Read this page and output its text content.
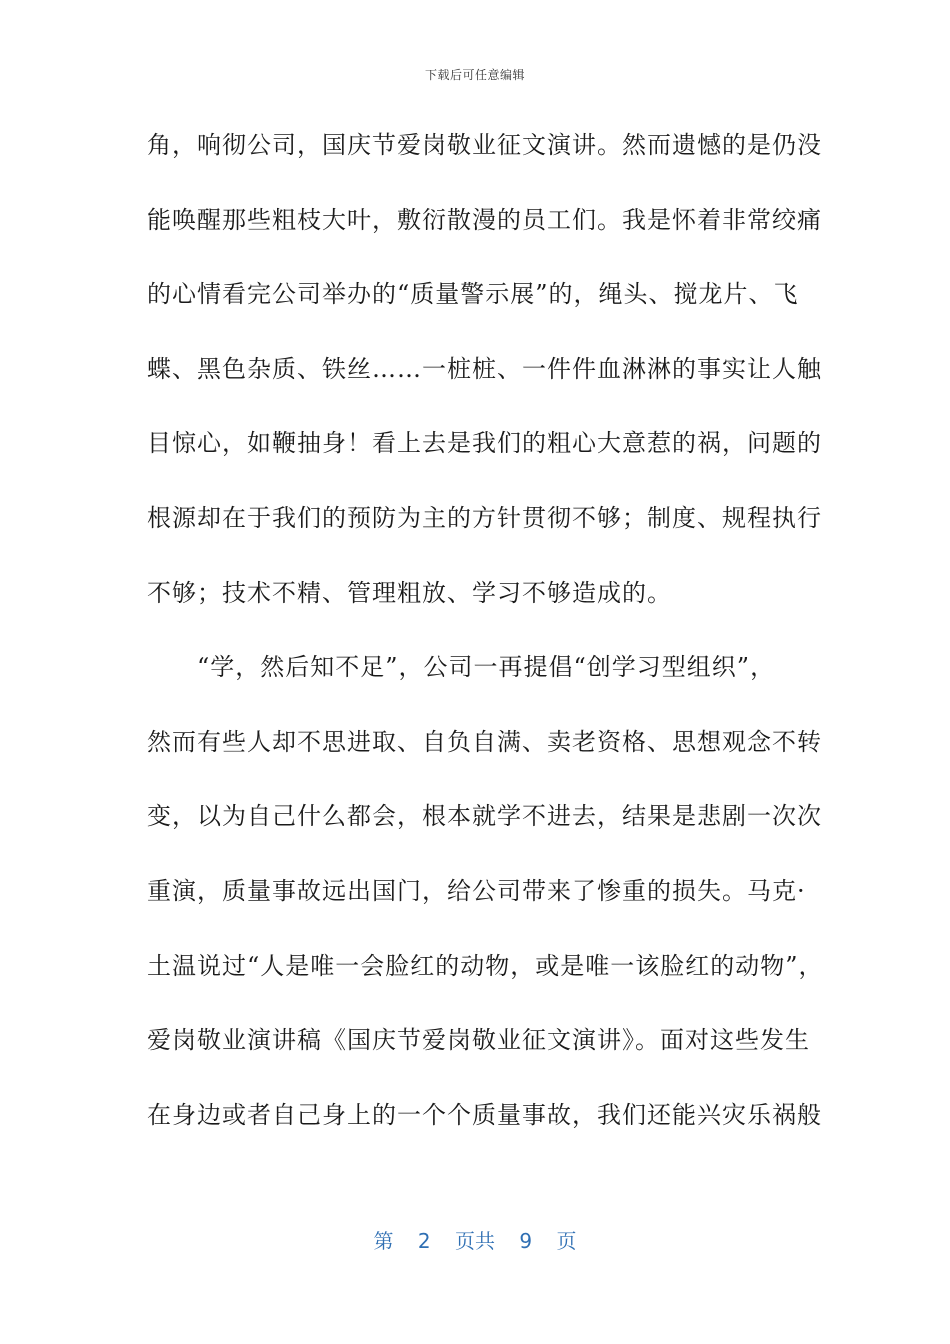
下载后可任意编辑
角，响彻公司，国庆节爱岗敬业征文演讲。然而遗憾的是仍没
能唤醒那些粗枝大叶，敷衍散漫的员工们。我是怀着非常绞痛
的心情看完公司举办的“质量警示展”的，绳头、搅龙片、飞
蝶、黑色杂质、铁丝……一桩桩、一件件血淋淋的事实让人触
目惊心，如鞭抽身！看上去是我们的粗心大意惹的祸，问题的
根源却在于我们的预防为主的方针贯彻不够；制度、规程执行
不够；技术不精、管理粗放、学习不够造成的。
“学，然后知不足”，公司一再提倡“创学习型组织”，
然而有些人却不思进取、自负自满、卖老资格、思想观念不转
变，以为自己什么都会，根本就学不进去，结果是悲剧一次次
重演，质量事故远出国门，给公司带来了惨重的损失。马克·
土温说过“人是唯一会脸红的动物，或是唯一该脸红的动物”，
爱岗敬业演讲稿《国庆节爱岗敬业征文演讲》。面对这些发生
在身边或者自己身上的一个个质量事故，我们还能兴灾乐祸般
第 2 页共 9 页
